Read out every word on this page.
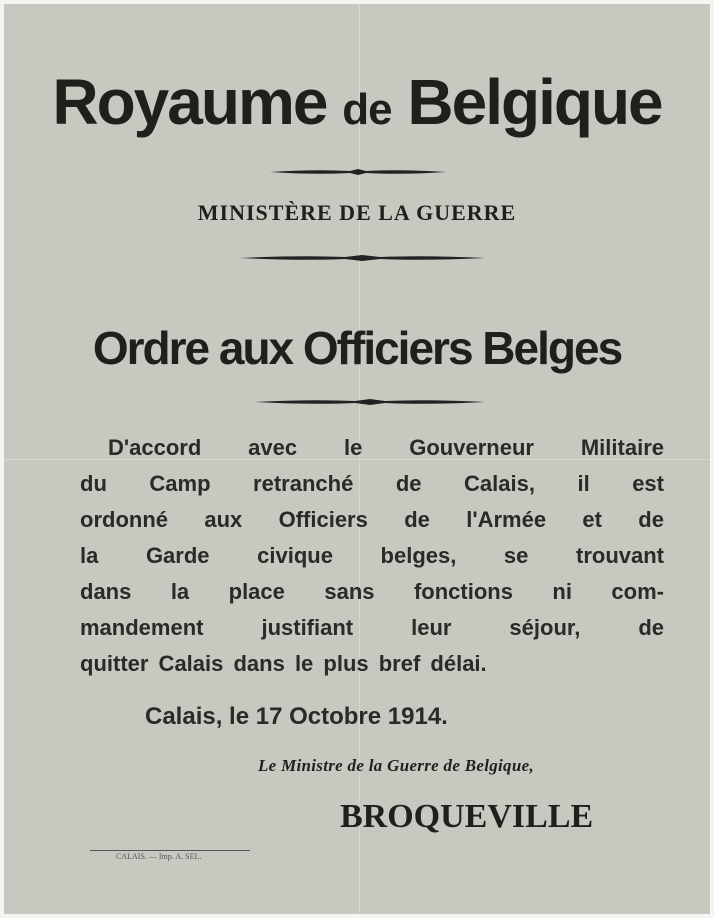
Royaume de Belgique
MINISTÈRE DE LA GUERRE
Ordre aux Officiers Belges
D'accord avec le Gouverneur Militaire
du Camp retranché de Calais, il est
ordonné aux Officiers de l'Armée et de
la Garde civique belges, se trouvant
dans la place sans fonctions ni com-
mandement justifiant leur séjour, de
quitter Calais dans le plus bref délai.
Calais, le 17 Octobre 1914.
Le Ministre de la Guerre de Belgique,
BROQUEVILLE
CALAIS. — Imp. A. SEL.
